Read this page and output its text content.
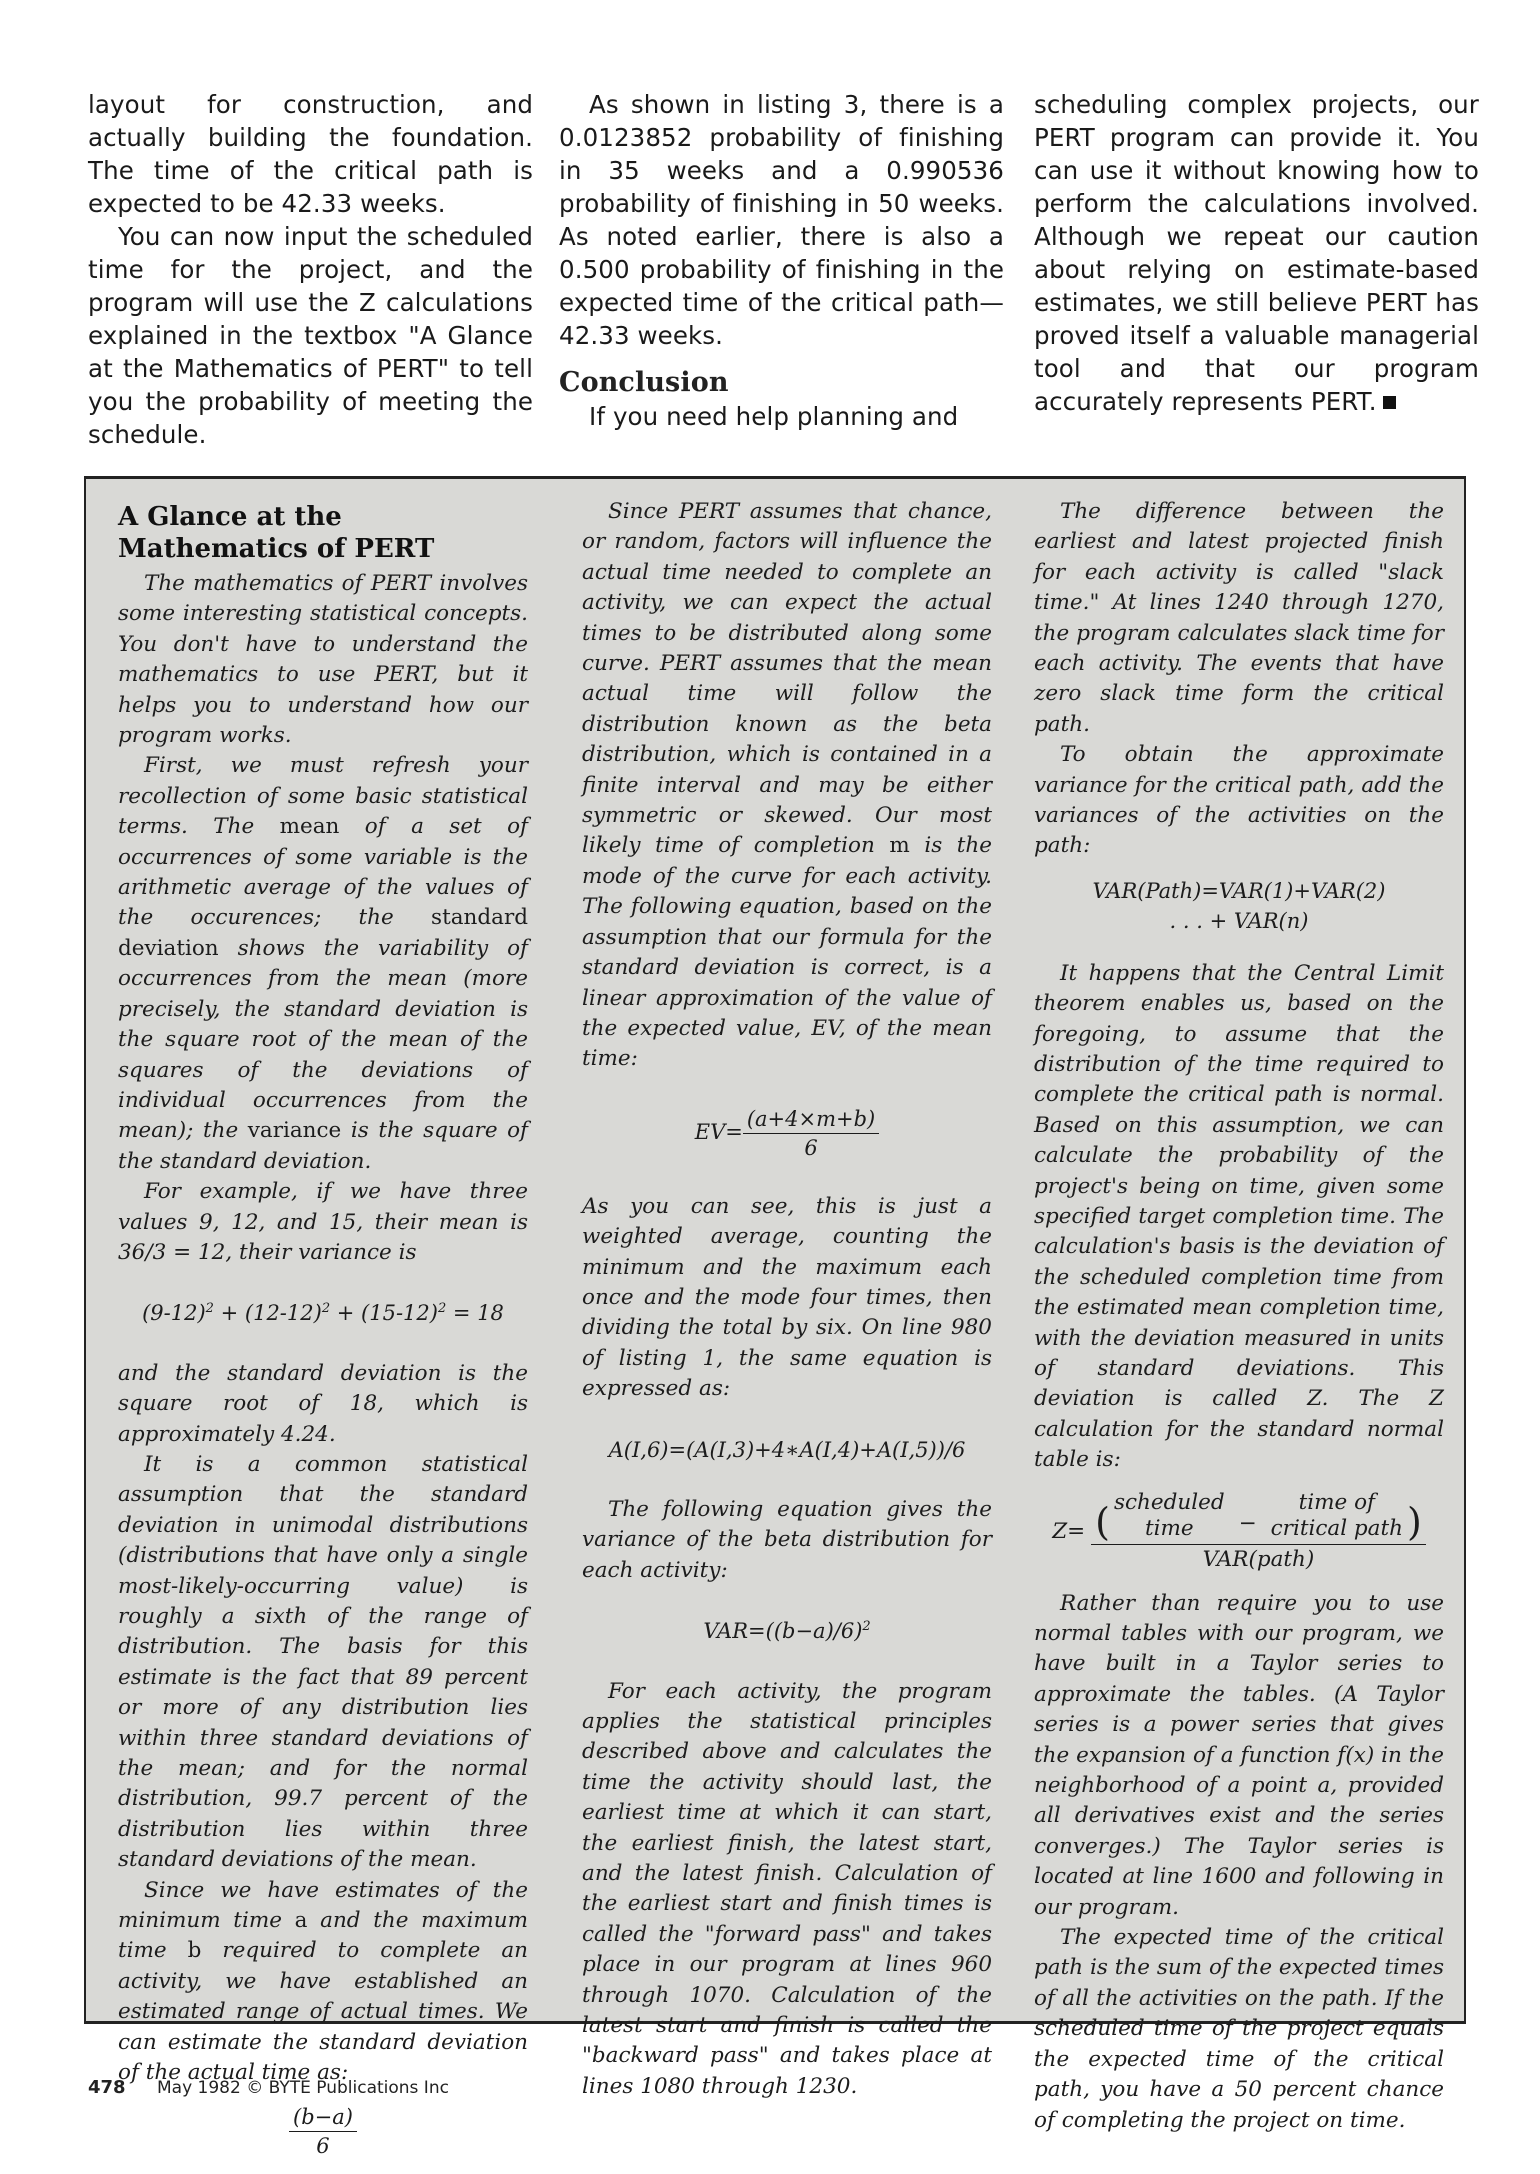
layout for construction, and actually building the foundation. The time of the critical path is expected to be 42.33 weeks.

You can now input the scheduled time for the project, and the program will use the Z calculations explained in the textbox "A Glance at the Mathematics of PERT" to tell you the probability of meeting the schedule.

As shown in listing 3, there is a 0.0123852 probability of finishing in 35 weeks and a 0.990536 probability of finishing in 50 weeks. As noted earlier, there is also a 0.500 probability of finishing in the expected time of the critical path—42.33 weeks.

Conclusion

If you need help planning and

scheduling complex projects, our PERT program can provide it. You can use it without knowing how to perform the calculations involved. Although we repeat our caution about relying on estimate-based estimates, we still believe PERT has proved itself a valuable managerial tool and that our program accurately represents PERT.

A Glance at the Mathematics of PERT

The mathematics of PERT involves some interesting statistical concepts. You don't have to understand the mathematics to use PERT, but it helps you to understand how our program works.

First, we must refresh your recollection of some basic statistical terms. The mean of a set of occurrences of some variable is the arithmetic average of the values of the occurences; the standard deviation shows the variability of occurrences from the mean (more precisely, the standard deviation is the square root of the mean of the squares of the deviations of individual occurrences from the mean); the variance is the square of the standard deviation.

For example, if we have three values 9, 12, and 15, their mean is 36/3 = 12, their variance is

$(9-12)^2 + (12-12)^2 + (15-12)^2 = 18$

and the standard deviation is the square root of 18, which is approximately 4.24.

It is a common statistical assumption that the standard deviation in unimodal distributions (distributions that have only a single most-likely-occurring value) is roughly a sixth of the range of distribution. The basis for this estimate is the fact that 89 percent or more of any distribution lies within three standard deviations of the mean; and for the normal distribution, 99.7 percent of the distribution lies within three standard deviations of the mean.

Since we have estimates of the minimum time a and the maximum time b required to complete an activity, we have established an estimated range of actual times. We can estimate the standard deviation of the actual time as:

$\frac{(b-a)}{6}$

Since PERT assumes that chance, or random, factors will influence the actual time needed to complete an activity, we can expect the actual times to be distributed along some curve. PERT assumes that the mean actual time will follow the distribution known as the beta distribution, which is contained in a finite interval and may be either symmetric or skewed. Our most likely time of completion m is the mode of the curve for each activity. The following equation, based on the assumption that our formula for the standard deviation is correct, is a linear approximation of the value of the expected value, EV, of the mean time:

$EV= \frac{(a+4\times m+b)}{6}$

As you can see, this is just a weighted average, counting the minimum and the maximum each once and the mode four times, then dividing the total by six. On line 980 of listing 1, the same equation is expressed as:

A(I,6)=(A(I,3)+4∗A(I,4)+A(I,5))/6

The following equation gives the variance of the beta distribution for each activity:

$VAR=((b-a)/6)^2$

For each activity, the program applies the statistical principles described above and calculates the time the activity should last, the earliest time at which it can start, the earliest finish, the latest start, and the latest finish. Calculation of the earliest start and finish times is called the "forward pass" and takes place in our program at lines 960 through 1070. Calculation of the latest start and finish is called the "backward pass" and takes place at lines 1080 through 1230.

The difference between the earliest and latest projected finish for each activity is called "slack time." At lines 1240 through 1270, the program calculates slack time for each activity. The events that have zero slack time form the critical path.

To obtain the approximate variance for the critical path, add the variances of the activities on the path:

VAR(Path)=VAR(1)+VAR(2)

. . . + VAR(n)

It happens that the Central Limit theorem enables us, based on the foregoing, to assume that the distribution of the time required to complete the critical path is normal. Based on this assumption, we can calculate the probability of the project's being on time, given some specified target completion time. The calculation's basis is the deviation of the scheduled completion time from the estimated mean completion time, with the deviation measured in units of standard deviations. This deviation is called Z. The Z calculation for the standard normal table is:

Z= ( scheduled
time −
time of
critical path )
VAR(path)

Rather than require you to use normal tables with our program, we have built in a Taylor series to approximate the tables. (A Taylor series is a power series that gives the expansion of a function f(x) in the neighborhood of a point a, provided all derivatives exist and the series converges.) The Taylor series is located at line 1600 and following in our program.

The expected time of the critical path is the sum of the expected times of all the activities on the path. If the scheduled time of the project equals the expected time of the critical path, you have a 50 percent chance of completing the project on time.

478 May 1982 © BYTE Publications Inc
